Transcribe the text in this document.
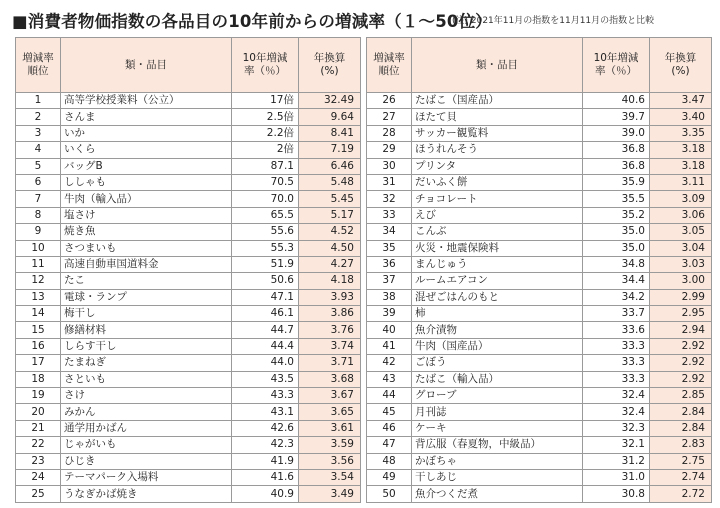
■消費者物価指数の各品目の10年前からの増減率（１～50位）
(注) 2021年11月の指数を11月11月の指数と比較
増減率
順位	類・品目	10年増減
率（％）	年換算
(%)
1	高等学校授業料（公立）	17倍	32.49
2	さんま	2.5倍	9.64
3	いか	2.2倍	8.41
4	いくら	2倍	7.19
5	バッグB	87.1	6.46
6	ししゃも	70.5	5.48
7	牛肉（輸入品）	70.0	5.45
8	塩さけ	65.5	5.17
9	焼き魚	55.6	4.52
10	さつまいも	55.3	4.50
11	高速自動車国道料金	51.9	4.27
12	たこ	50.6	4.18
13	電球・ランプ	47.1	3.93
14	梅干し	46.1	3.86
15	修繕材料	44.7	3.76
16	しらす干し	44.4	3.74
17	たまねぎ	44.0	3.71
18	さといも	43.5	3.68
19	さけ	43.3	3.67
20	みかん	43.1	3.65
21	通学用かばん	42.6	3.61
22	じゃがいも	42.3	3.59
23	ひじき	41.9	3.56
24	テーマパーク入場料	41.6	3.54
25	うなぎかば焼き	40.9	3.49
増減率
順位	類・品目	10年増減
率（％）	年換算
(%)
26	たばこ（国産品）	40.6	3.47
27	ほたて貝	39.7	3.40
28	サッカー観覧料	39.0	3.35
29	ほうれんそう	36.8	3.18
30	プリンタ	36.8	3.18
31	だいふく餅	35.9	3.11
32	チョコレート	35.5	3.09
33	えび	35.2	3.06
34	こんぶ	35.0	3.05
35	火災・地震保険料	35.0	3.04
36	まんじゅう	34.8	3.03
37	ルームエアコン	34.4	3.00
38	混ぜごはんのもと	34.2	2.99
39	柿	33.7	2.95
40	魚介漬物	33.6	2.94
41	牛肉（国産品）	33.3	2.92
42	ごぼう	33.3	2.92
43	たばこ（輸入品）	33.3	2.92
44	グローブ	32.4	2.85
45	月刊誌	32.4	2.84
46	ケーキ	32.3	2.84
47	背広服（春夏物，中級品）	32.1	2.83
48	かぼちゃ	31.2	2.75
49	干しあじ	31.0	2.74
50	魚介つくだ煮	30.8	2.72
